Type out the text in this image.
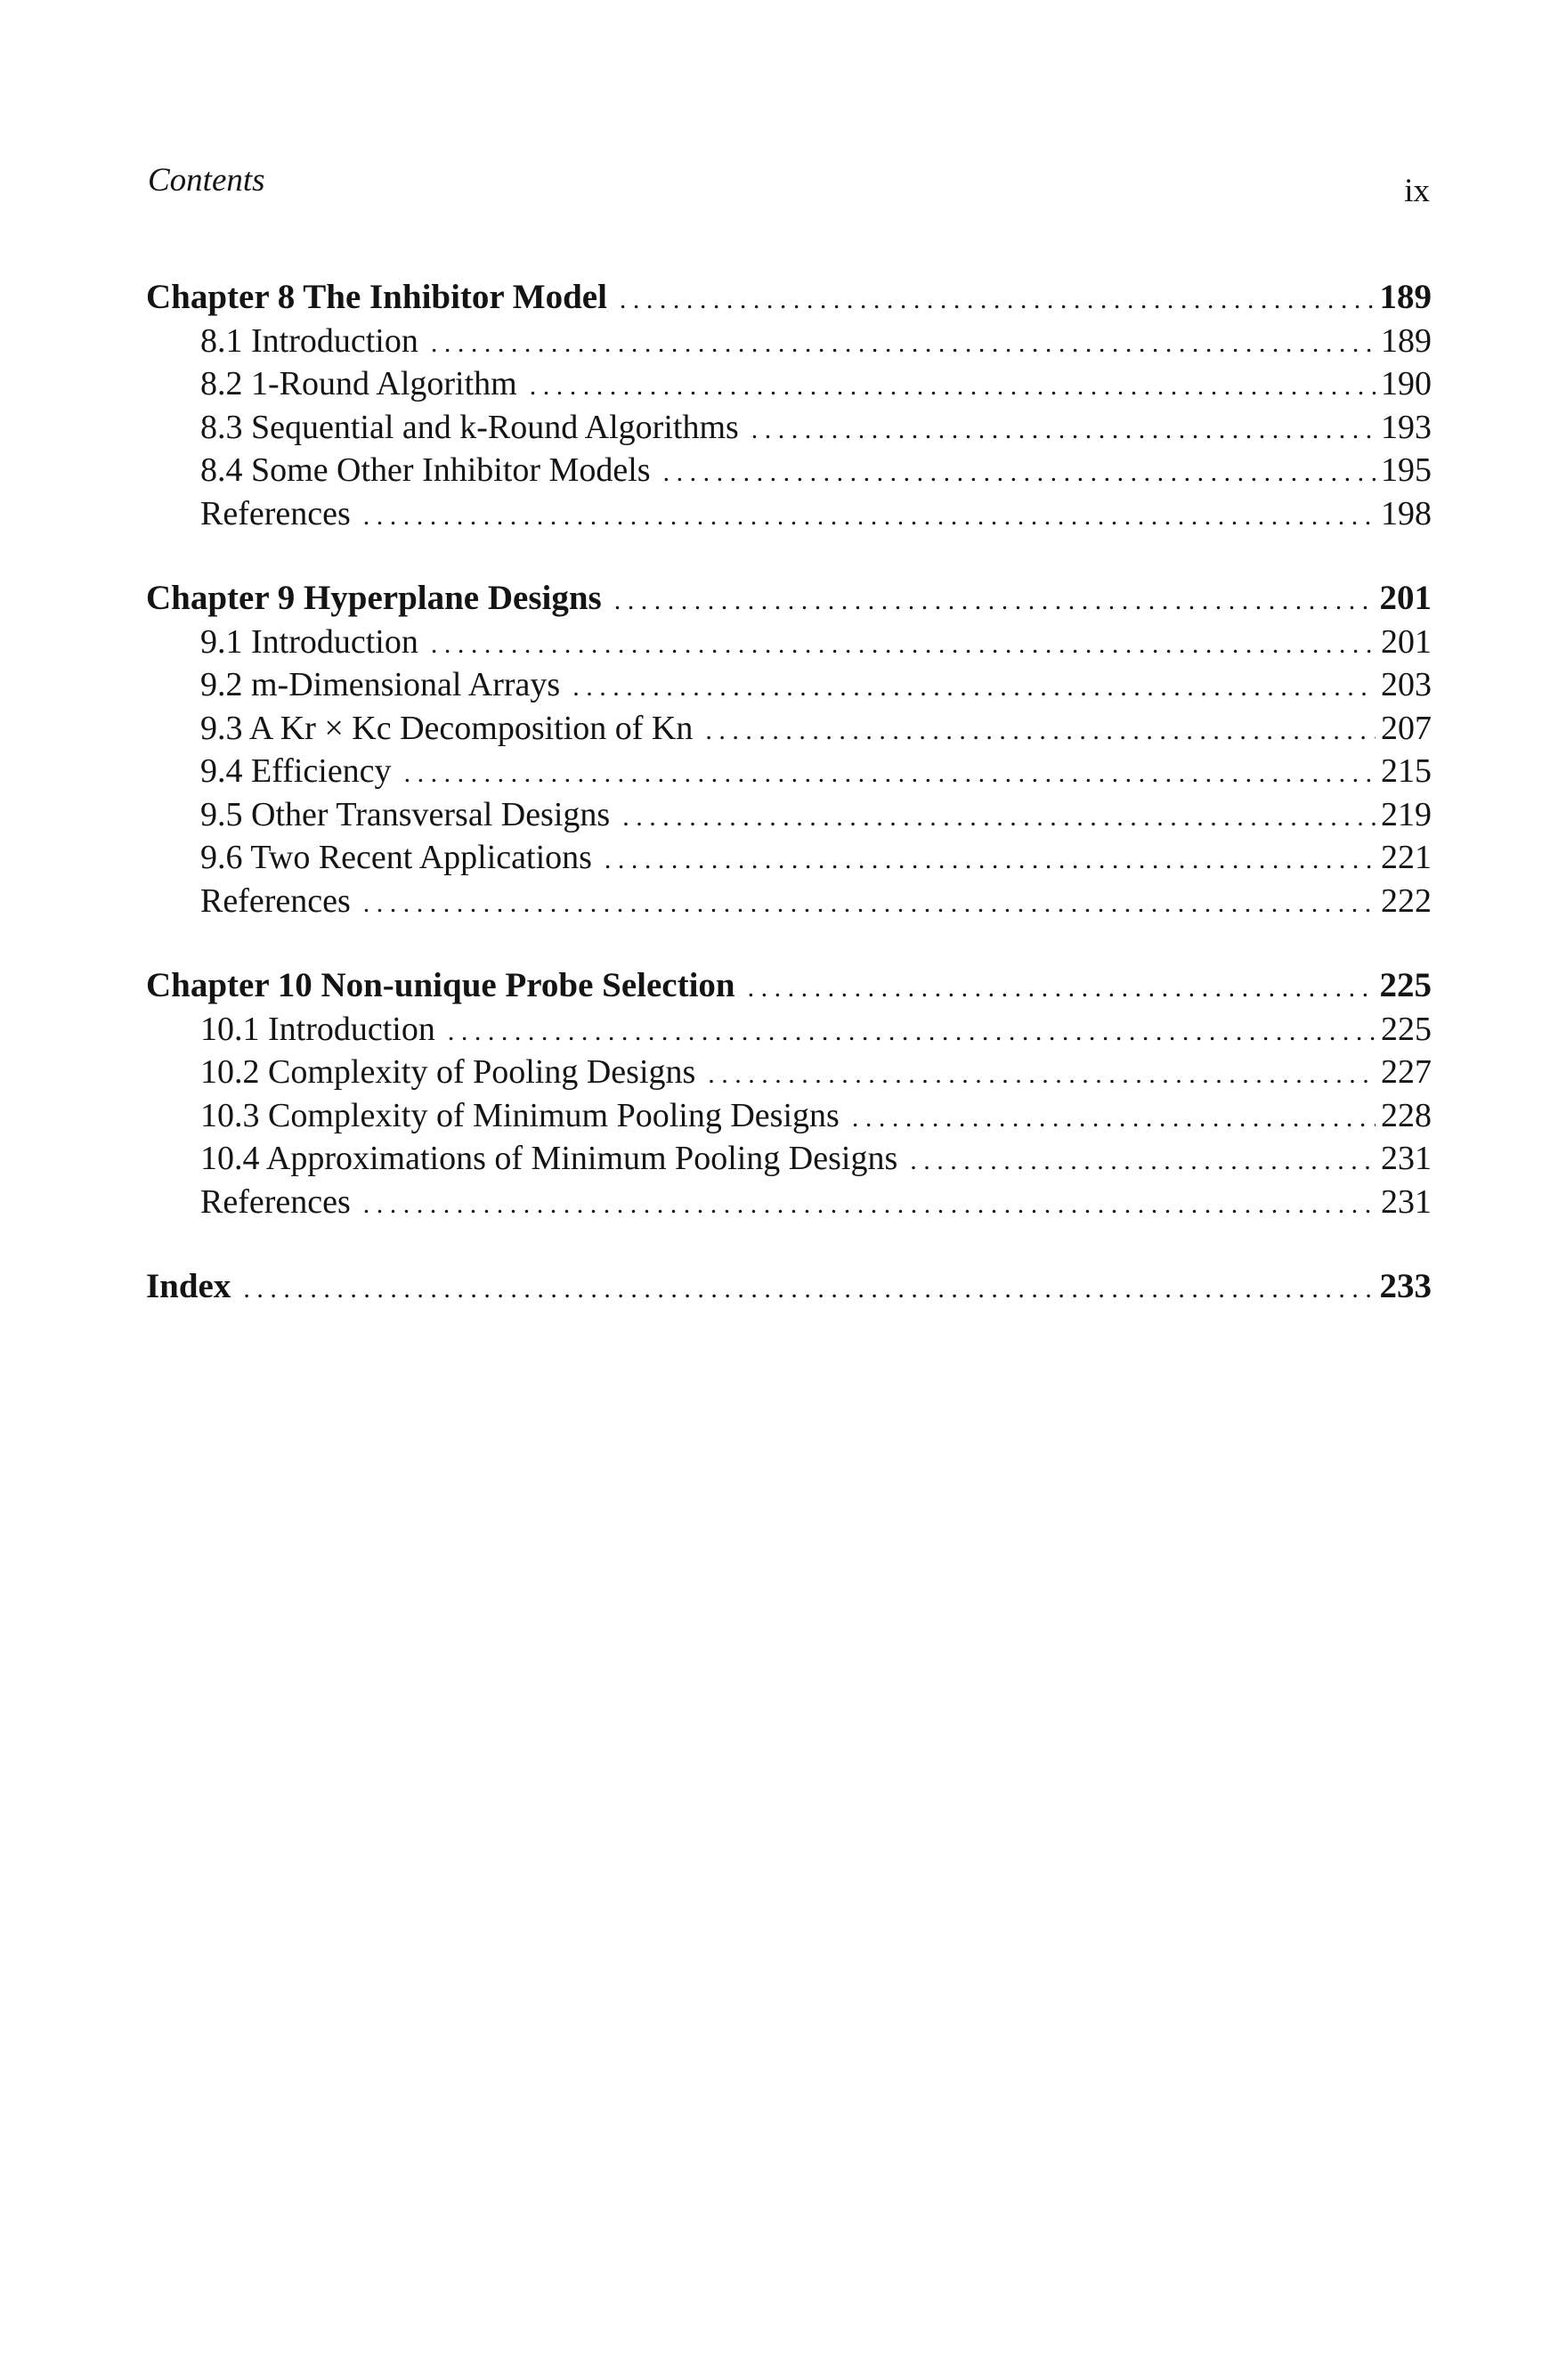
Contents	ix
Chapter 8 The Inhibitor Model . . .	189
8.1 Introduction . . .	189
8.2 1-Round Algorithm . . .	190
8.3 Sequential and k-Round Algorithms . . .	193
8.4 Some Other Inhibitor Models . . .	195
References . . .	198
Chapter 9 Hyperplane Designs . . .	201
9.1 Introduction . . .	201
9.2 m-Dimensional Arrays . . .	203
9.3 A Kr × Kc Decomposition of Kn . . .	207
9.4 Efficiency . . .	215
9.5 Other Transversal Designs . . .	219
9.6 Two Recent Applications . . .	221
References . . .	222
Chapter 10 Non-unique Probe Selection . . .	225
10.1 Introduction . . .	225
10.2 Complexity of Pooling Designs . . .	227
10.3 Complexity of Minimum Pooling Designs . . .	228
10.4 Approximations of Minimum Pooling Designs . . .	231
References . . .	231
Index . . .	233
